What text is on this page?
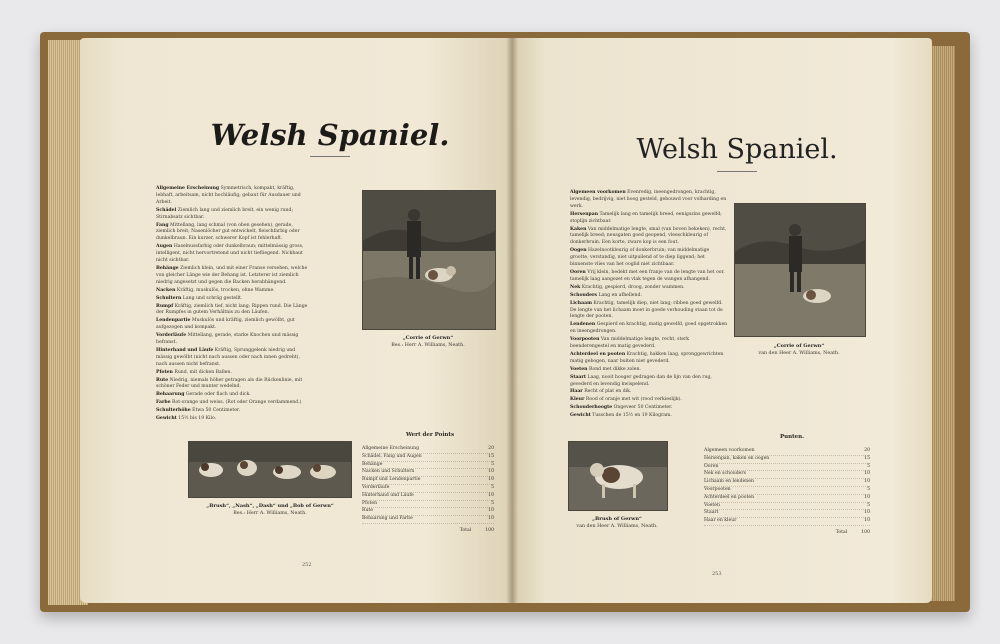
Welsh Spaniel.

Allgemeine Erscheinung Symmetrisch, kompakt, kräftig, lebhaft, arbeitsam, nicht hochläufig; gebaut für Ausdauer und Arbeit.

Schädel Ziemlich lang und ziemlich breit, ein wenig rund; Stirnabsatz sichtbar.

Fang Mittellang, lang schmal (von oben gesehen), gerade, ziemlich breit; Nasenlöcher gut entwickelt, fleischfarbig oder dunkelbraun. Ein kurzer, schwerer Kopf ist fehlerhaft.

Augen Haselnussfarbig oder dunkelbraun; mittelmässig gross, intelligent, nicht hervortretend und nicht tiefliegend. Nickhaut nicht sichtbar.

Behänge Ziemlich klein, und mit einer Franse versehen, welche von gleicher Länge wie der Behang ist. Letzterer ist ziemlich niedrig angesetzt und gegen die Backen herabhängend.

Nacken Kräftig, muskulös, trocken, ohne Wamme.

Schultern Lang und schräg gestellt.

Rumpf Kräftig, ziemlich tief, nicht lang; Rippen rund. Die Länge der Rumpfes in gutem Verhältnis zu den Läufen.

Lendenpartie Muskulös und kräftig, ziemlich gewölbt, gut aufgezogen und kompakt.

Vorderläufe Mittellang, gerade, starke Knochen und mässig befranst.

Hinterhand und Läufe Kräftig, Sprunggelenk niedrig und mässig gewölbt (nicht nach aussen oder nach innen gedreht), nach aussen nicht befranst.

Pfoten Rund, mit dicken Ballen.

Rute Niedrig, niemals höher getragen als die Rückenlinie, mit schöner Feder und munter wedelnd.

Behaarung Gerade oder flach und dick.

Farbe Rot-orange und weiss. (Rot oder Orange verdammend.)

Schulterhöhe Etwa 50 Centimeter.

Gewicht 15½ bis 19 Kilo.

„Corrie of Gerwn“
Bes.: Herr A. Williams, Neath.
„Brush“, „Nash“, „Dash“ und „Bob of Gerwn“
Bes.: Herr A. Williams, Neath.
Wert der Points
Allgemeine Erscheinung	20
Schädel, Fang und Augen	15
Behänge	5
Nacken und Schultern	10
Rumpf und Lendenpartie	10
Vorderläufe	5
Hinterhand und Läufe	10
Pfoten	5
Rute	10
Behaarung und Farbe	10
Total	100
252
Welsh Spaniel.

Algemeen voorkomen Evenredig, ineengedrongen, krachtig, levendig, bedrijvig, niet hoog gesteld, gebouwd voor volharding en werk.

Hersenpan Tamelijk lang en tamelijk breed, eenigszins gewelfd; stoplijn zichtbaar.

Kaken Van middelmatige lengte, smal (van boven bekeken), recht, tamelijk breed; neusgaten goed geopend, vleeschkleurig of donkerbruin. Een korte, zware kop is een fout.

Oogen Hazelnootkleurig of donkerbruin; van middelmatige grootte, verstandig, niet uitpuilend of te diep liggend; het binnenste vlies van het ooglid niet zichtbaar.

Ooren Vrij klein, bedekt met een franje van de lengte van het oor, tamelijk laag aangezet en vlak tegen de wangen afhangend.

Nek Krachtig, gespierd, droog, zonder wammen.

Schouders Lang en afhellend.

Lichaam Krachtig, tamelijk diep, niet lang; ribben goed gewelfd. De lengte van het lichaam moet in goede verhouding staan tot de lengte der pooten.

Lendenen Gespierd en krachtig, matig gewelfd, goed opgetrokken en ineengedrongen.

Voorpooten Van middelmatige lengte, recht, sterk beenderengestel en matig gevederd.

Achterdeel en pooten Krachtig, hakken laag, spronggewrichten matig gebogen, naar buiten niet gevederd.

Voeten Rond met dikke zolen.

Staart Laag, nooit hooger gedragen dan de lijn van den rug, gevederd en levendig kwispelend.

Haar Recht of plat en dik.

Kleur Rood of oranje met wit (rood verkieslijk).

Schouderhoogte Ongeveer 50 Centimeter.

Gewicht Tusschen de 15½ en 19 Kilogram.

„Corrie of Gerwn“
van den Heer A. Williams, Neath.
„Brush of Gerwn“
van den Heer A. Williams, Neath.
Punten.
Algemeen voorkomen	20
Hersenpan, kaken en oogen	15
Ooren	5
Nek en schouders	10
Lichaam en lendenen	10
Voorpooten	5
Achterdeel en pooten	10
Voeten	5
Staart	10
Haar en kleur	10
Total	100
253
